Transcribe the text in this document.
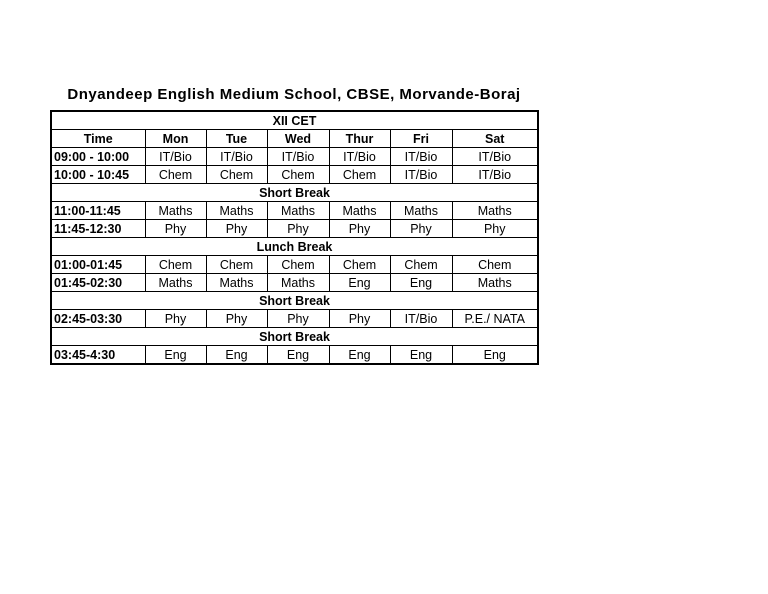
Dnyandeep English Medium School, CBSE, Morvande-Boraj
XII CET						
Time	Mon	Tue	Wed	Thur	Fri	Sat
09:00 - 10:00	IT/Bio	IT/Bio	IT/Bio	IT/Bio	IT/Bio	IT/Bio
10:00 - 10:45	Chem	Chem	Chem	Chem	IT/Bio	IT/Bio
Short Break						
11:00-11:45	Maths	Maths	Maths	Maths	Maths	Maths
11:45-12:30	Phy	Phy	Phy	Phy	Phy	Phy
Lunch Break						
01:00-01:45	Chem	Chem	Chem	Chem	Chem	Chem
01:45-02:30	Maths	Maths	Maths	Eng	Eng	Maths
Short Break						
02:45-03:30	Phy	Phy	Phy	Phy	IT/Bio	P.E./ NATA
Short Break						
03:45-4:30	Eng	Eng	Eng	Eng	Eng	Eng
